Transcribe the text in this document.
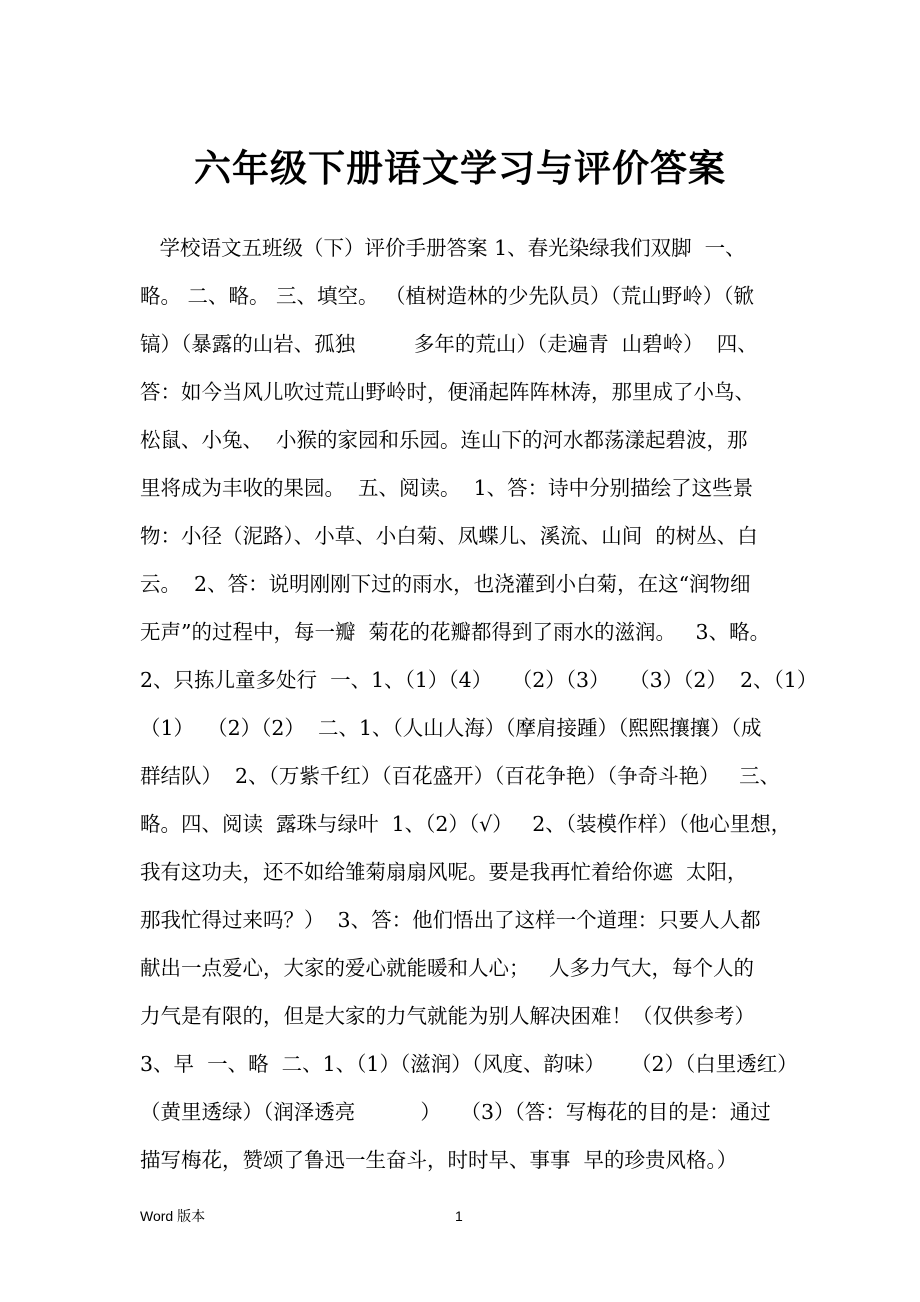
六年级下册语文学习与评价答案
学校语文五班级（下）评价手册答案 1、春光染绿我们双脚  一、
略。 二、略。 三、填空。 （植树造林的少先队员）（荒山野岭）（锨
镐）（暴露的山岩、孤独         多年的荒山）（走遍青  山碧岭）  四、
答：如今当风儿吹过荒山野岭时，便涌起阵阵林涛，那里成了小鸟、
松鼠、小兔、  小猴的家园和乐园。连山下的河水都荡漾起碧波，那
里将成为丰收的果园。  五、阅读。  1、答：诗中分别描绘了这些景
物：小径（泥路）、小草、小白菊、凤蝶儿、溪流、山间  的树丛、白
云。  2、答：说明刚刚下过的雨水，也浇灌到小白菊，在这“润物细
无声”的过程中，每一瓣  菊花的花瓣都得到了雨水的滋润。   3、略。
2、只拣儿童多处行  一、1、（1）（4）   （2）（3）   （3）（2）  2、（1）
（1）  （2）（2）  二、1、（人山人海）（摩肩接踵）（熙熙攘攘）（成
群结队）  2、（万紫千红）（百花盛开）（百花争艳）（争奇斗艳）   三、
略。四、阅读  露珠与绿叶  1、（2）（√）   2、（装模作样）（他心里想，
我有这功夫，还不如给雏菊扇扇风呢。要是我再忙着给你遮  太阳，
那我忙得过来吗？）  3、答：他们悟出了这样一个道理：只要人人都
献出一点爱心，大家的爱心就能暖和人心；   人多力气大，每个人的
力气是有限的，但是大家的力气就能为别人解决困难！（仅供参考）
3、早  一、略  二、1、（1）（滋润）（风度、韵味）    （2）（白里透红）
（黄里透绿）（润泽透亮          ）   （3）（答：写梅花的目的是：通过
描写梅花，赞颂了鲁迅一生奋斗，时时早、事事  早的珍贵风格。）
Word 版本	1
